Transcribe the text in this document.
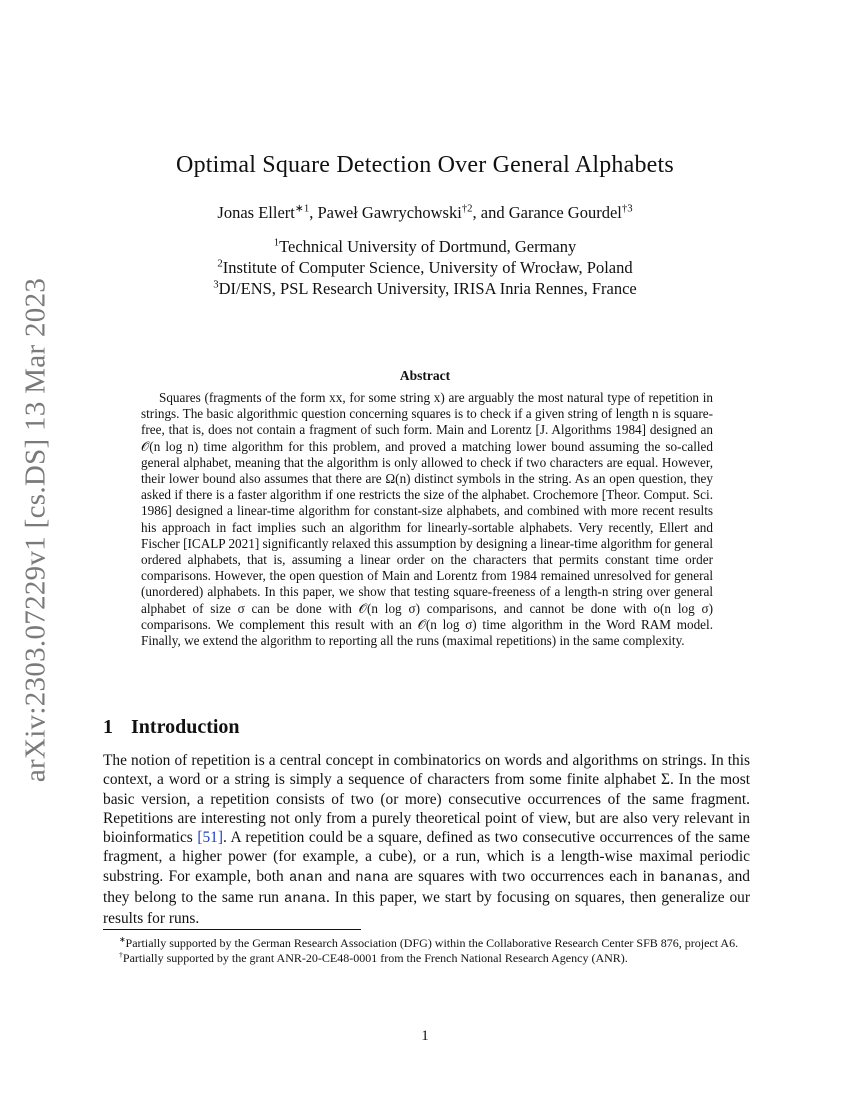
arXiv:2303.07229v1 [cs.DS] 13 Mar 2023
Optimal Square Detection Over General Alphabets
Jonas Ellert$^{∗1}$, Paweł Gawrychowski$^{\dagger 2}$, and Garance Gourdel$^{\dagger 3}$
$^1$Technical University of Dortmund, Germany
$^2$Institute of Computer Science, University of Wrocław, Poland
$^3$DI/ENS, PSL Research University, IRISA Inria Rennes, France
Abstract
Squares (fragments of the form xx, for some string x) are arguably the most natural type of repetition in strings. The basic algorithmic question concerning squares is to check if a given string of length n is square-free, that is, does not contain a fragment of such form. Main and Lorentz [J. Algorithms 1984] designed an 𝒪(n log n) time algorithm for this problem, and proved a matching lower bound assuming the so-called general alphabet, meaning that the algorithm is only allowed to check if two characters are equal. However, their lower bound also assumes that there are Ω(n) distinct symbols in the string. As an open question, they asked if there is a faster algorithm if one restricts the size of the alphabet. Crochemore [Theor. Comput. Sci. 1986] designed a linear-time algorithm for constant-size alphabets, and combined with more recent results his approach in fact implies such an algorithm for linearly-sortable alphabets. Very recently, Ellert and Fischer [ICALP 2021] significantly relaxed this assumption by designing a linear-time algorithm for general ordered alphabets, that is, assuming a linear order on the characters that permits constant time order comparisons. However, the open question of Main and Lorentz from 1984 remained unresolved for general (unordered) alphabets. In this paper, we show that testing square-freeness of a length-n string over general alphabet of size σ can be done with 𝒪(n log σ) comparisons, and cannot be done with o(n log σ) comparisons. We complement this result with an 𝒪(n log σ) time algorithm in the Word RAM model. Finally, we extend the algorithm to reporting all the runs (maximal repetitions) in the same complexity.
1 Introduction
The notion of repetition is a central concept in combinatorics on words and algorithms on strings. In this context, a word or a string is simply a sequence of characters from some finite alphabet Σ. In the most basic version, a repetition consists of two (or more) consecutive occurrences of the same fragment. Repetitions are interesting not only from a purely theoretical point of view, but are also very relevant in bioinformatics [51]. A repetition could be a square, defined as two consecutive occurrences of the same fragment, a higher power (for example, a cube), or a run, which is a length-wise maximal periodic substring. For example, both anan and nana are squares with two occurrences each in bananas, and they belong to the same run anana. In this paper, we start by focusing on squares, then generalize our results for runs.

∗Partially supported by the German Research Association (DFG) within the Collaborative Research Center SFB 876, project A6.

†Partially supported by the grant ANR-20-CE48-0001 from the French National Research Agency (ANR).

1
